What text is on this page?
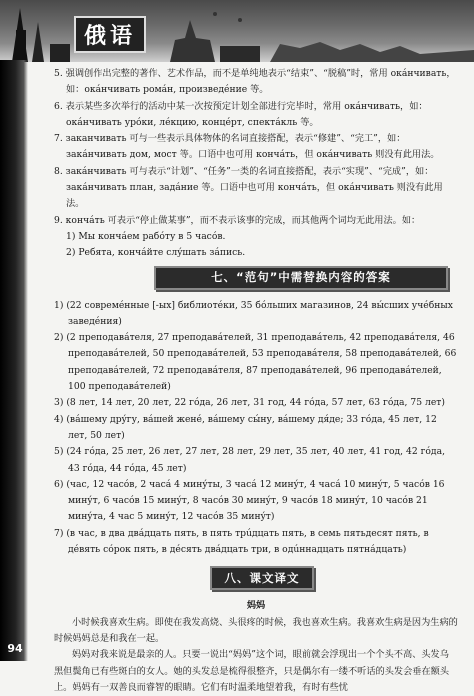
俄语
94

5. 强调创作出完整的著作、艺术作品，而不是单纯地表示“结束”、“脱稿”时，常用 окáнчивать，如：окáнчивать ромáн, произведéние 等。

6. 表示某些多次举行的活动中某一次按预定计划全部进行完毕时，常用 окáнчивать，如：окáнчивать урóки, лéкцию, концéрт, спектáкль 等。

7. заканчивать 可与一些表示具体物体的名词直接搭配，表示“修建”、“完工”，如：закáнчивать дом, мост 等。口语中也可用 кончáть，但 окáнчивать 则没有此用法。

8. закáнчивать 可与表示“计划”、“任务”一类的名词直接搭配，表示“实现”、“完成”，如：закáнчивать план, задáние 等。口语中也可用 кончáть，但 окáнчивать 则没有此用法。

9. кончáть 可表示“停止做某事”，而不表示该事的完成，而其他两个词均无此用法。如：

1) Мы кончáем рабóту в 5 часóв.

2) Ребята, кончáйте слýшать зáпись.

七、“范句”中需替换内容的答案

1) (22 совремéнные [-ых] библиотéки, 35 бóльших магазинов, 24 вы́сших учéбных заведéния)

2) (2 преподавáтеля, 27 преподавáтелей, 31 преподавáтель, 42 преподавáтеля, 46 преподавáтелей, 50 преподавáтелей, 53 преподавáтеля, 58 преподавáтелей, 66 преподавáтелей, 72 преподавáтеля, 87 преподавáтелей, 96 преподавáтелей, 100 преподавáтелей)

3) (8 лет, 14 лет, 20 лет, 22 гóда, 26 лет, 31 год, 44 гóда, 57 лет, 63 гóда, 75 лет)

4) (вáшему дрýгу, вáшей женé, вáшему сы́ну, вáшему дя́де; 33 гóда, 45 лет, 12 лет, 50 лет)

5) (24 гóда, 25 лет, 26 лет, 27 лет, 28 лет, 29 лет, 35 лет, 40 лет, 41 год, 42 гóда, 43 гóда, 44 гóда, 45 лет)

6) (час, 12 часóв, 2 часá 4 минýты, 3 часá 12 минýт, 4 часá 10 минýт, 5 часóв 16 минýт, 6 часóв 15 минýт, 8 часóв 30 минýт, 9 часóв 18 минýт, 10 часóв 21 минýта, 4 час 5 минýт, 12 часóв 35 минýт)

7) (в час, в два двáдцать пять, в пять трúдцать пять, в семь пятьдесят пять, в дéвять сóрок пять, в дéсять двáдцать три, в одúннадцать пятнáдцать)

八、课文译文

妈妈

小时候我喜欢生病。即使在我发高烧、头很疼的时候，我也喜欢生病。我喜欢生病是因为生病的时候妈妈总是和我在一起。

妈妈对我来说是最亲的人。只要一说出“妈妈”这个词，眼前就会浮现出一个个头不高、头发乌黑但鬓角已有些斑白的女人。她的头发总是梳得很整齐，只是偶尔有一缕不听话的头发会垂在额头上。妈妈有一双善良而睿智的眼睛。它们有时温柔地望着我，有时有些忧
